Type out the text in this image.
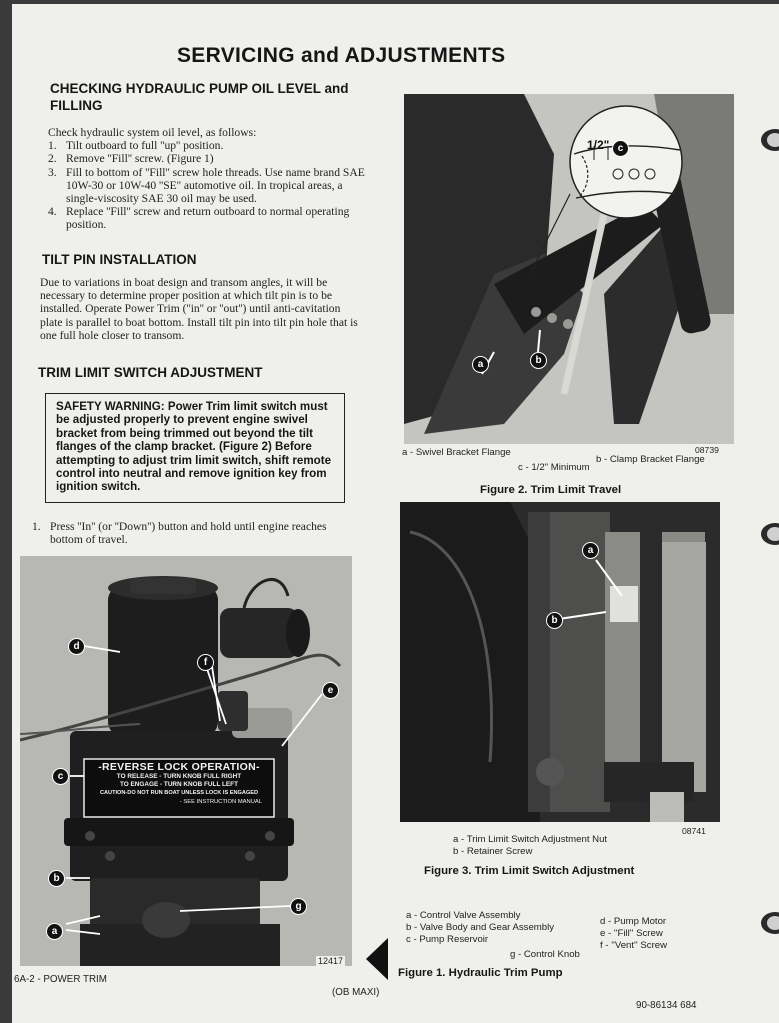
SERVICING and ADJUSTMENTS
CHECKING HYDRAULIC PUMP OIL LEVEL and FILLING

Check hydraulic system oil level, as follows:

1. Tilt outboard to full ''up'' position.
2. Remove ''Fill'' screw. (Figure 1)
3. Fill to bottom of ''Fill'' screw hole threads. Use name brand SAE 10W-30 or 10W-40 ''SE'' automotive oil. In tropical areas, a single-viscosity SAE 30 oil may be used.
4. Replace ''Fill'' screw and return outboard to normal operating position.
TILT PIN INSTALLATION
Due to variations in boat design and transom angles, it will be necessary to determine proper position at which tilt pin is to be installed. Operate Power Trim (''in'' or ''out'') until anti-cavitation plate is parallel to boat bottom. Install tilt pin into tilt pin hole that is one full hole closer to transom.
TRIM LIMIT SWITCH ADJUSTMENT
SAFETY WARNING: Power Trim limit switch must be adjusted properly to prevent engine swivel bracket from being trimmed out beyond the tilt flanges of the clamp bracket. (Figure 2) Before attempting to adjust trim limit switch, shift remote control into neutral and remove ignition key from ignition switch.
1. Press ''In'' (or ''Down'') button and hold until engine reaches bottom of travel.
-REVERSE LOCK OPERATION-
TO RELEASE - TURN KNOB FULL RIGHT
TO ENGAGE - TURN KNOB FULL LEFT
CAUTION-DO NOT RUN BOAT UNLESS LOCK IS ENGAGED
- SEE INSTRUCTION MANUAL
d
f
e
c
b
g
a
12417
1/2" c
a	b
08739
a - Swivel Bracket Flange
b - Clamp Bracket Flange
c - 1/2" Minimum
Figure 2. Trim Limit Travel
a
b
08741
a - Trim Limit Switch Adjustment Nut
b - Retainer Screw
Figure 3. Trim Limit Switch Adjustment
a - Control Valve Assembly
b - Valve Body and Gear Assembly
c - Pump Reservoir
d - Pump Motor
e - ''Fill'' Screw
f - ''Vent'' Screw
g - Control Knob
Figure 1. Hydraulic Trim Pump
6A-2 - POWER TRIM
(OB MAXI)
90-86134 684
